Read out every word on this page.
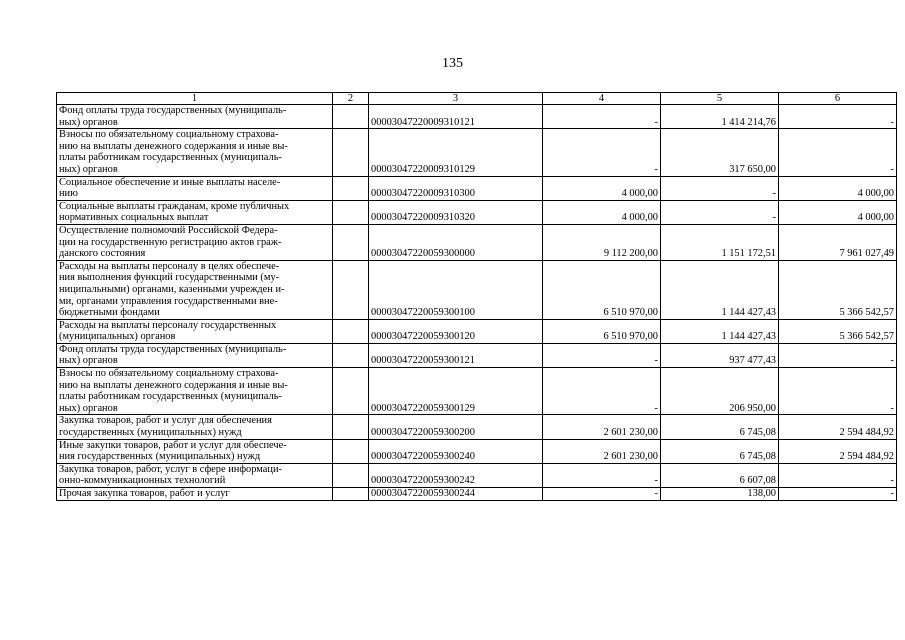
135
1	2	3	4	5	6
Фонд оплаты труда государственных (муниципаль-
ных) органов		00003047220009310121	-	1 414 214,76	-
Взносы по обязательному социальному страхова-
нию на выплаты денежного содержания и иные вы-
платы работникам государственных (муниципаль-
ных) органов		00003047220009310129	-	317 650,00	-
Социальное обеспечение и иные выплаты населе-
нию		00003047220009310300	4 000,00	-	4 000,00
Социальные выплаты гражданам, кроме публичных
нормативных социальных выплат		00003047220009310320	4 000,00	-	4 000,00
Осуществление полномочий Российской Федера-
ции на государственную регистрацию актов граж-
данского состояния		00003047220059300000	9 112 200,00	1 151 172,51	7 961 027,49
Расходы на выплаты персоналу в целях обеспече-
ния выполнения функций государственными (му-
ниципальными) органами, казенными учрежден и-
ми, органами управления государственными вне-
бюджетными фондами		00003047220059300100	6 510 970,00	1 144 427,43	5 366 542,57
Расходы на выплаты персоналу государственных
(муниципальных) органов		00003047220059300120	6 510 970,00	1 144 427,43	5 366 542,57
Фонд оплаты труда государственных (муниципаль-
ных) органов		00003047220059300121	-	937 477,43	-
Взносы по обязательному социальному страхова-
нию на выплаты денежного содержания и иные вы-
платы работникам государственных (муниципаль-
ных) органов		00003047220059300129	-	206 950,00	-
Закупка товаров, работ и услуг для обеспечения
государственных (муниципальных) нужд		00003047220059300200	2 601 230,00	6 745,08	2 594 484,92
Иные закупки товаров, работ и услуг для обеспече-
ния государственных (муниципальных) нужд		00003047220059300240	2 601 230,00	6 745,08	2 594 484,92
Закупка товаров, работ, услуг в сфере информаци-
онно-коммуникационных технологий		00003047220059300242	-	6 607,08	-
Прочая закупка товаров, работ и услуг		00003047220059300244	-	138,00	-
